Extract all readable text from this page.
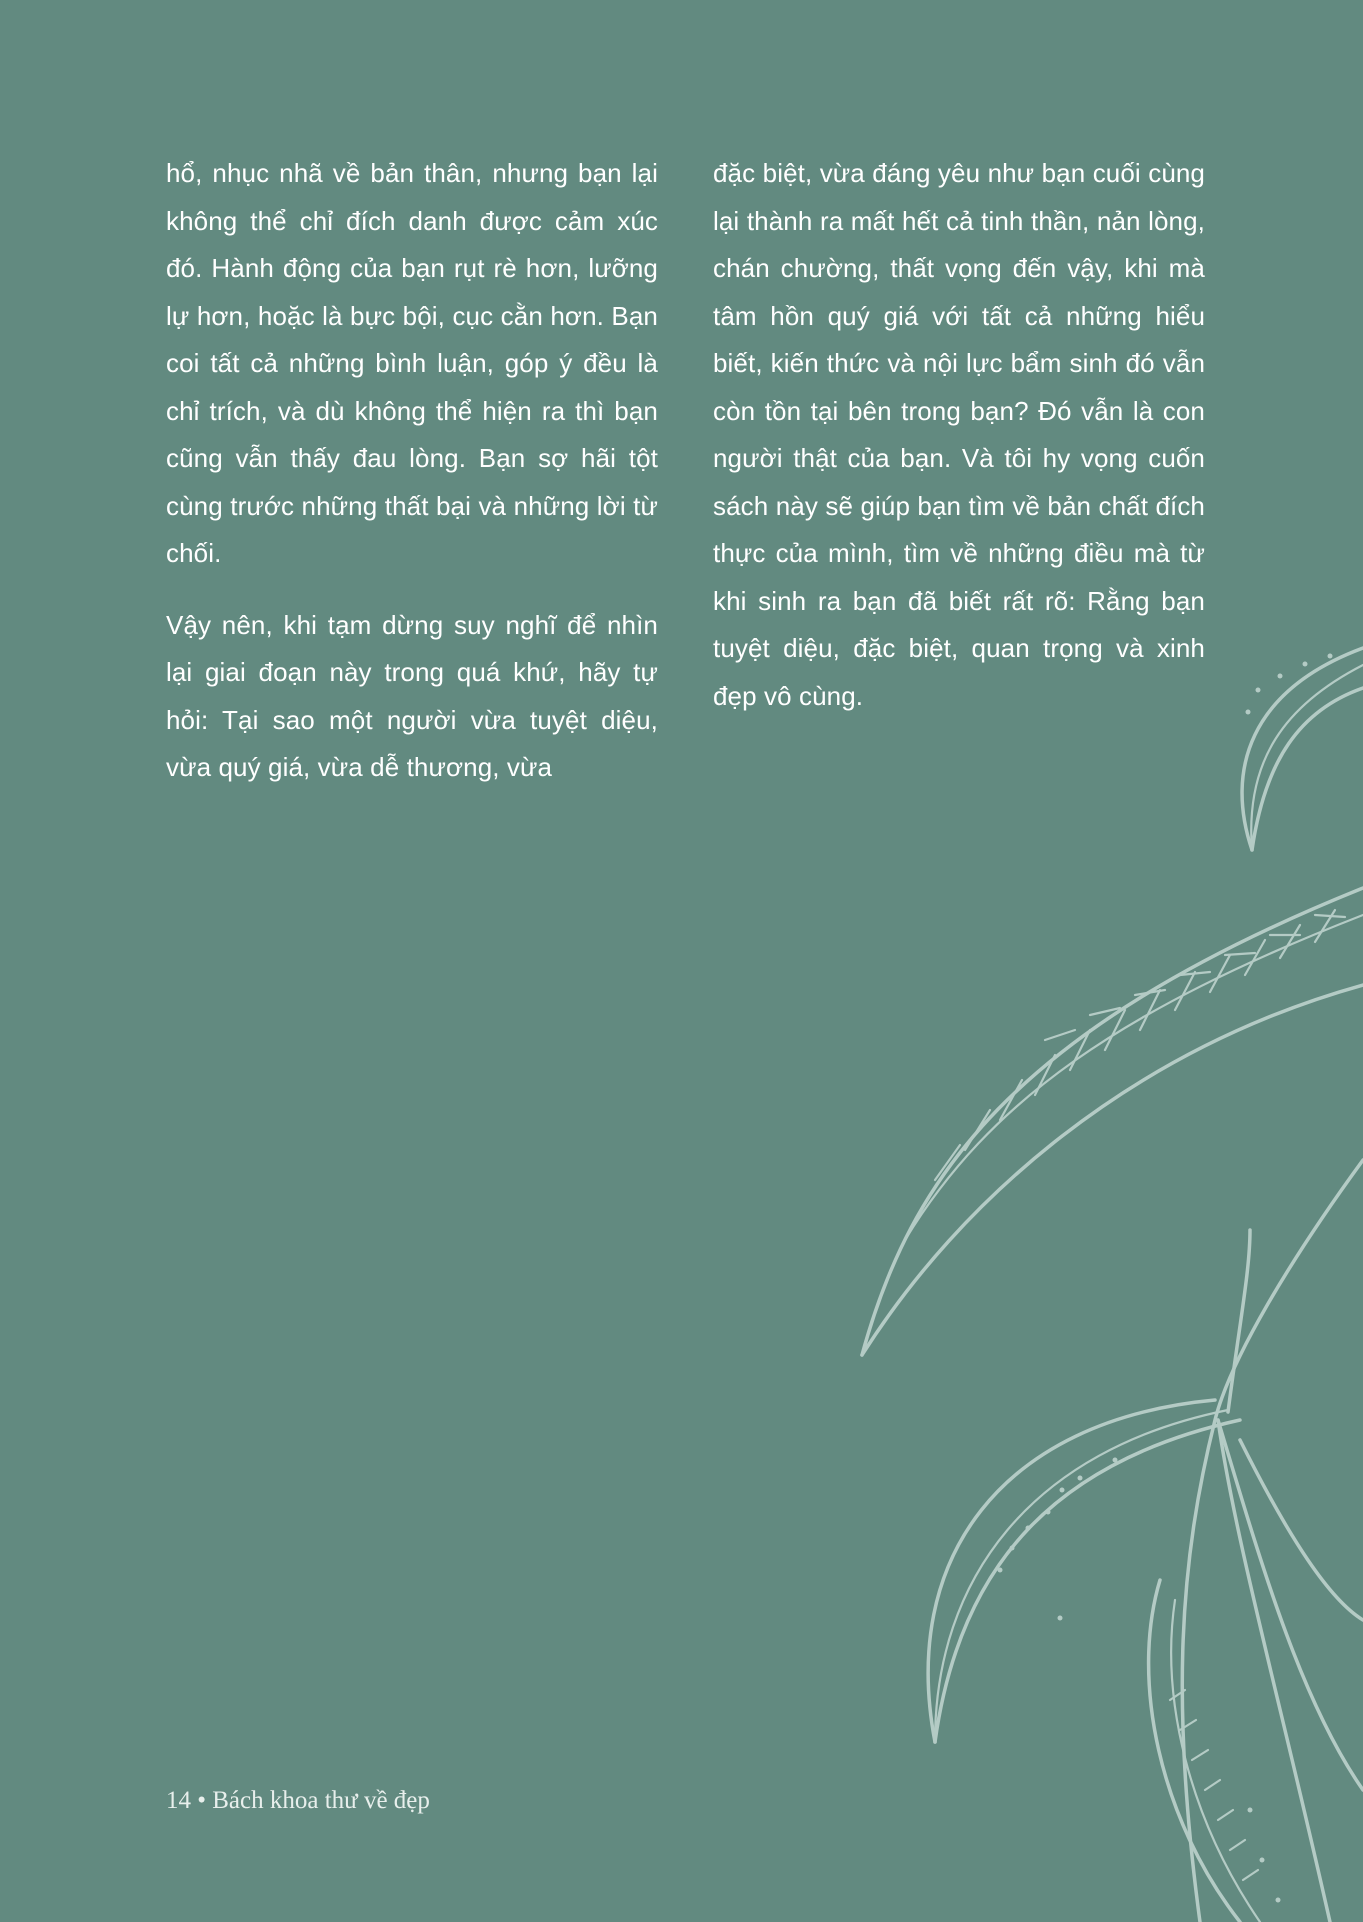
hổ, nhục nhã về bản thân, nhưng bạn lại không thể chỉ đích danh được cảm xúc đó. Hành động của bạn rụt rè hơn, lưỡng lự hơn, hoặc là bực bội, cục cằn hơn. Bạn coi tất cả những bình luận, góp ý đều là chỉ trích, và dù không thể hiện ra thì bạn cũng vẫn thấy đau lòng. Bạn sợ hãi tột cùng trước những thất bại và những lời từ chối.

Vậy nên, khi tạm dừng suy nghĩ để nhìn lại giai đoạn này trong quá khứ, hãy tự hỏi: Tại sao một người vừa tuyệt diệu, vừa quý giá, vừa dễ thương, vừa

đặc biệt, vừa đáng yêu như bạn cuối cùng lại thành ra mất hết cả tinh thần, nản lòng, chán chường, thất vọng đến vậy, khi mà tâm hồn quý giá với tất cả những hiểu biết, kiến thức và nội lực bẩm sinh đó vẫn còn tồn tại bên trong bạn? Đó vẫn là con người thật của bạn. Và tôi hy vọng cuốn sách này sẽ giúp bạn tìm về bản chất đích thực của mình, tìm về những điều mà từ khi sinh ra bạn đã biết rất rõ: Rằng bạn tuyệt diệu, đặc biệt, quan trọng và xinh đẹp vô cùng.

14 • Bách khoa thư về đẹp
